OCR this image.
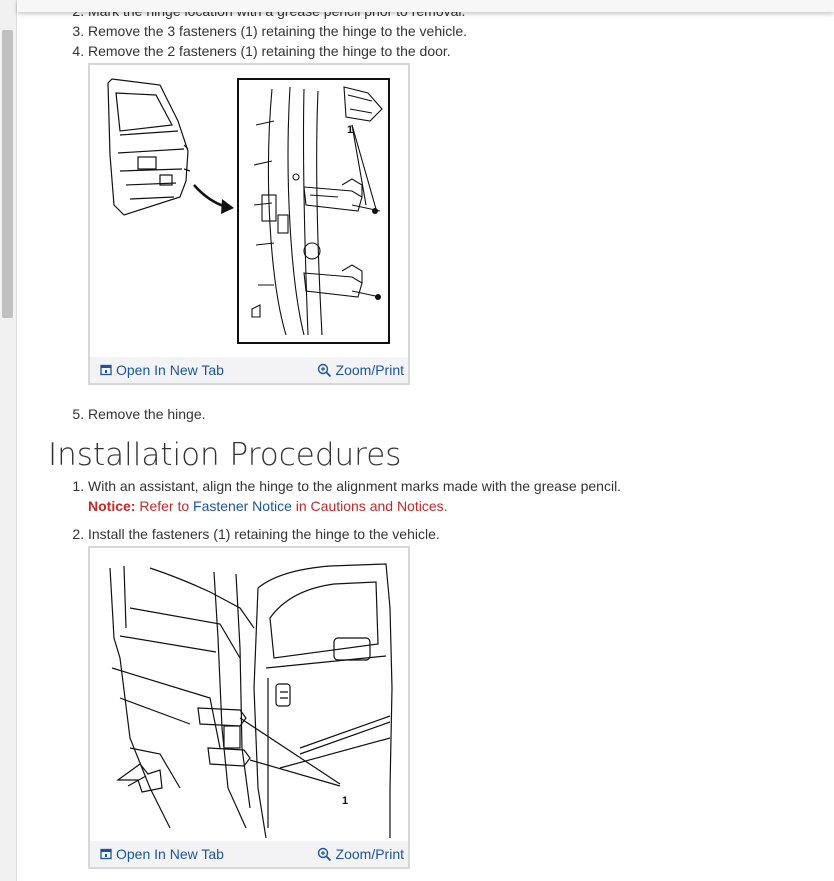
2.
3. Remove the 3 fasteners (1) retaining the hinge to the vehicle.
4. Remove the 2 fasteners (1) retaining the hinge to the door.
1
Open In New Tab	Zoom/Print
5. Remove the hinge.
Installation Procedures
1. With an assistant, align the hinge to the alignment marks made with the grease pencil.
Notice: Refer to Fastener Notice in Cautions and Notices.
2. Install the fasteners (1) retaining the hinge to the vehicle.
1
Open In New Tab	Zoom/Print
